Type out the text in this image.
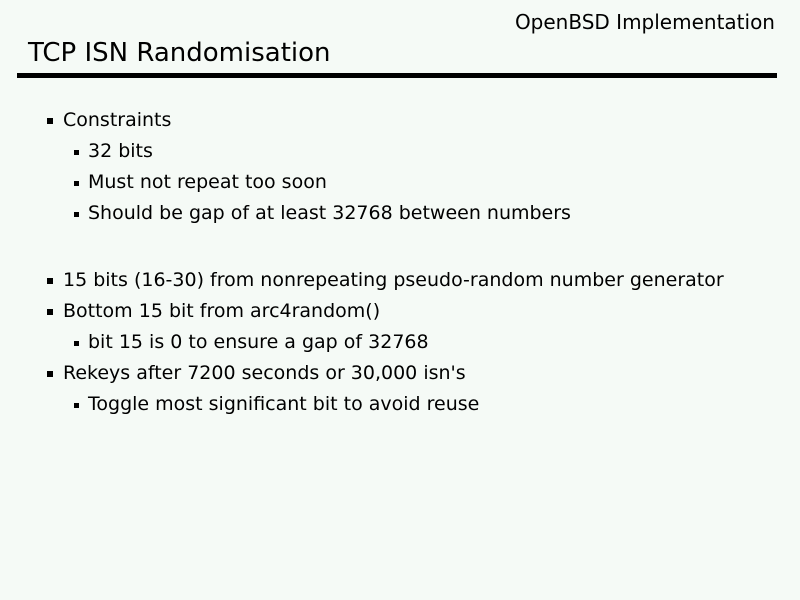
OpenBSD Implementation
TCP ISN Randomisation
Constraints
32 bits
Must not repeat too soon
Should be gap of at least 32768 between numbers
15 bits (16-30) from nonrepeating pseudo-random number generator
Bottom 15 bit from arc4random()
bit 15 is 0 to ensure a gap of 32768
Rekeys after 7200 seconds or 30,000 isn's
Toggle most significant bit to avoid reuse
